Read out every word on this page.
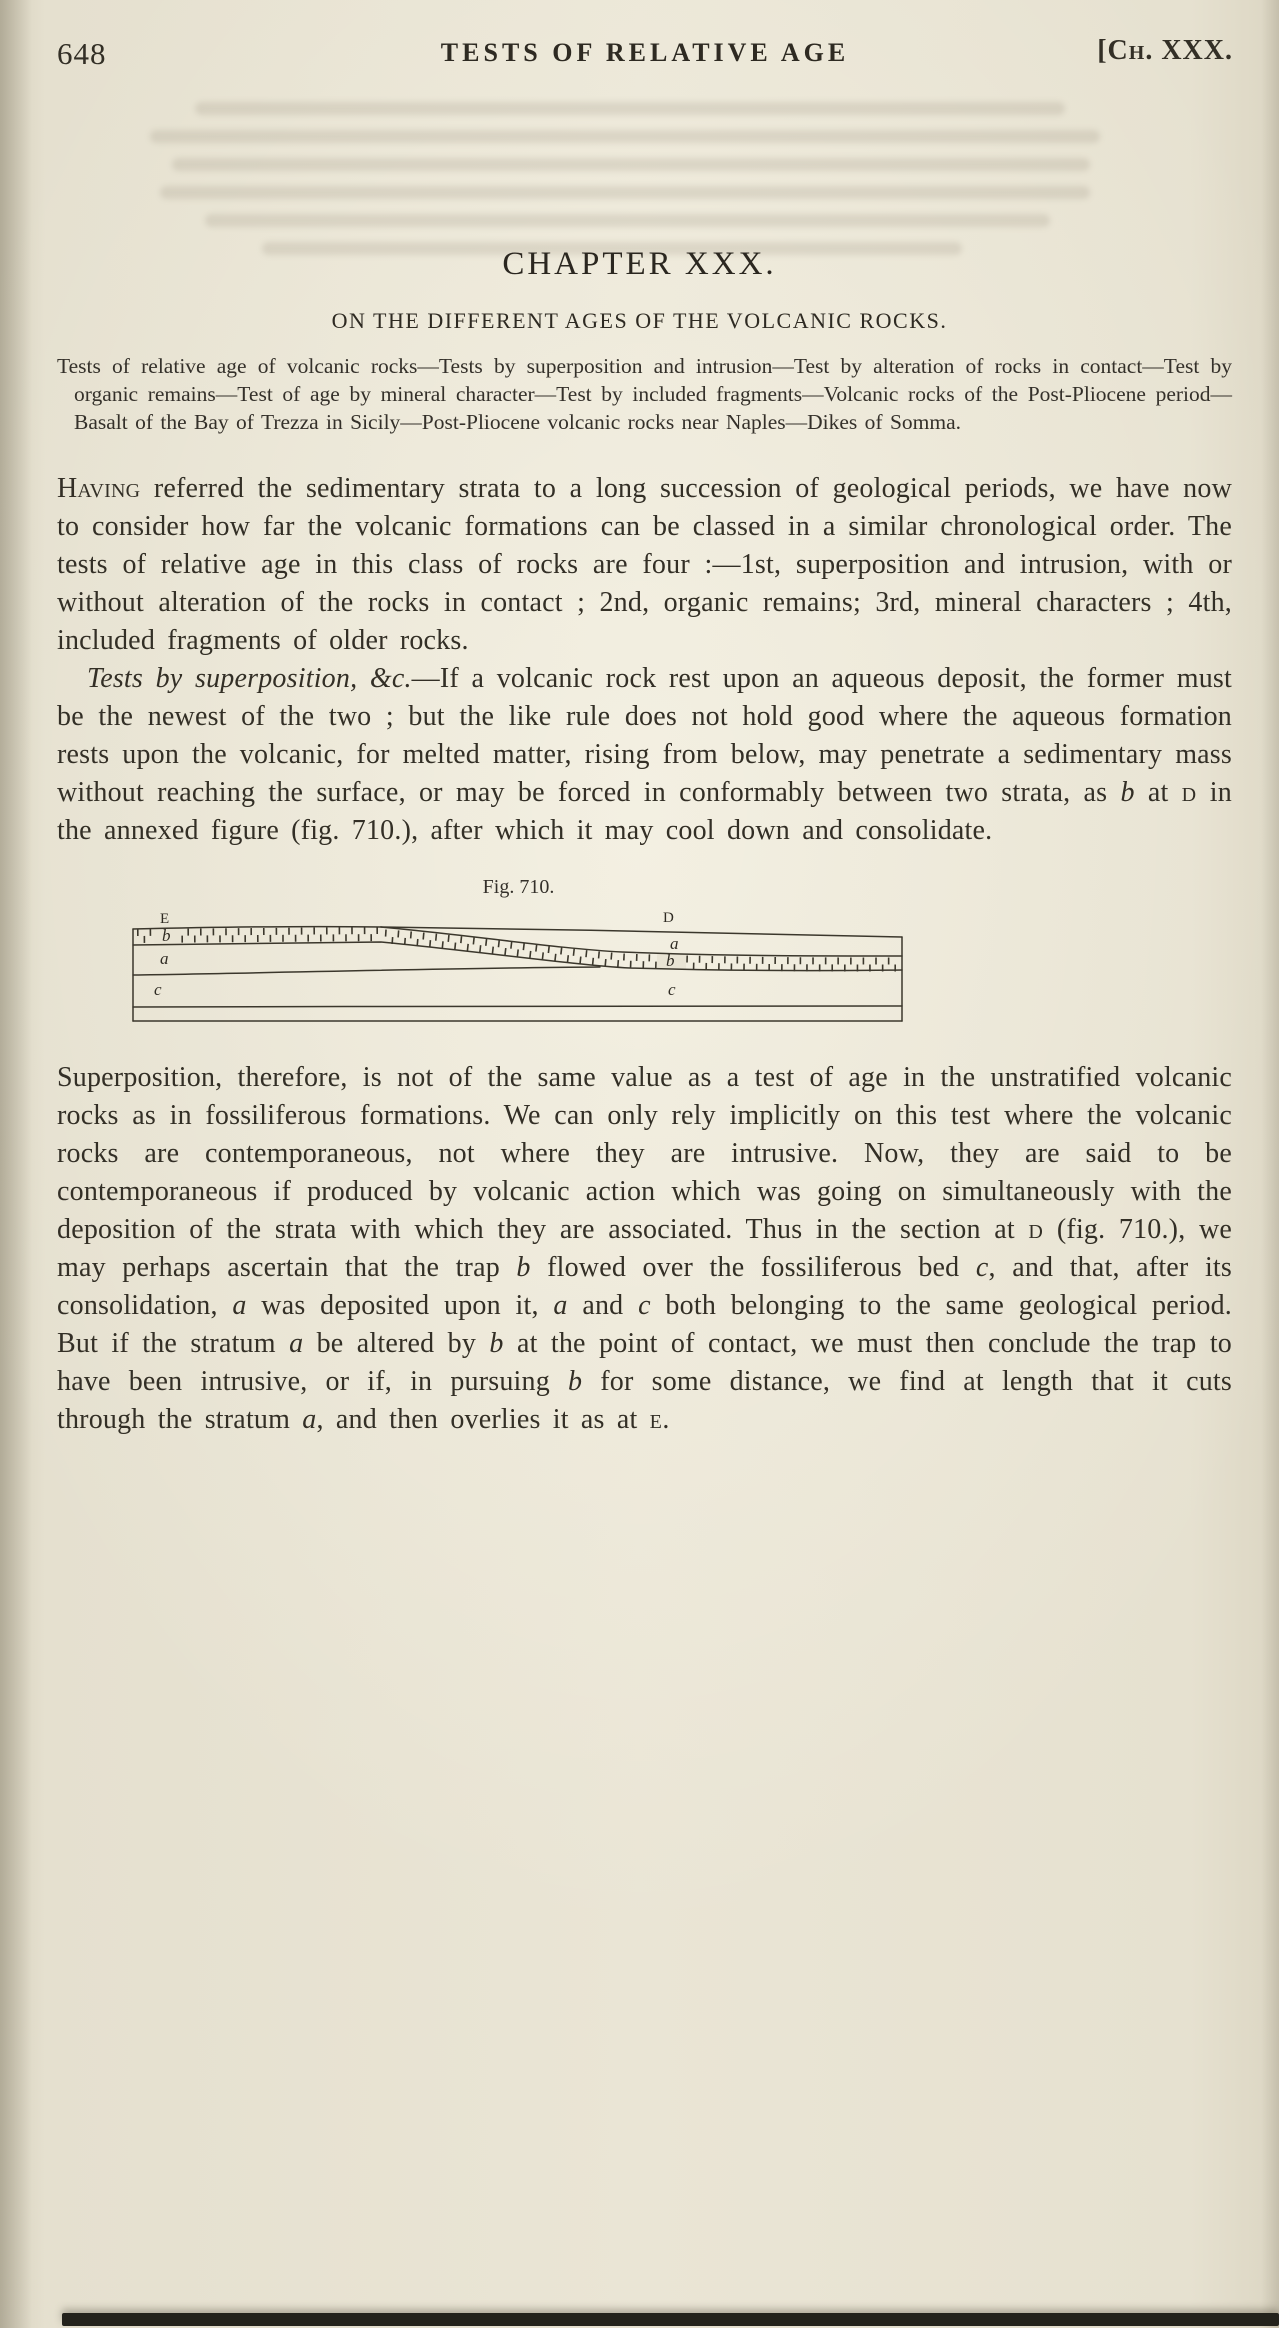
648	TESTS OF RELATIVE AGE	[Ch. XXX.
CHAPTER XXX.
ON THE DIFFERENT AGES OF THE VOLCANIC ROCKS.

Tests of relative age of volcanic rocks—Tests by superposition and intrusion—Test by alteration of rocks in contact—Test by organic remains—Test of age by mineral character—Test by included fragments—Volcanic rocks of the Post-Pliocene period—Basalt of the Bay of Trezza in Sicily—Post-Pliocene volcanic rocks near Naples—Dikes of Somma.

Having referred the sedimentary strata to a long succession of geological periods, we have now to consider how far the volcanic formations can be classed in a similar chronological order. The tests of relative age in this class of rocks are four :—1st, superposition and intrusion, with or without alteration of the rocks in contact ; 2nd, organic remains; 3rd, mineral characters ; 4th, included fragments of older rocks.

Tests by superposition, &c.—If a volcanic rock rest upon an aqueous deposit, the former must be the newest of the two ; but the like rule does not hold good where the aqueous formation rests upon the volcanic, for melted matter, rising from below, may penetrate a sedimentary mass without reaching the surface, or may be forced in conformably between two strata, as b at d in the annexed figure (fig. 710.), after which it may cool down and consolidate.

Fig. 710.
E	D
b
a
c
a
b
c

Superposition, therefore, is not of the same value as a test of age in the unstratified volcanic rocks as in fossiliferous formations. We can only rely implicitly on this test where the volcanic rocks are contemporaneous, not where they are intrusive. Now, they are said to be contemporaneous if produced by volcanic action which was going on simultaneously with the deposition of the strata with which they are associated. Thus in the section at d (fig. 710.), we may perhaps ascertain that the trap b flowed over the fossiliferous bed c, and that, after its consolidation, a was deposited upon it, a and c both belonging to the same geological period. But if the stratum a be altered by b at the point of contact, we must then conclude the trap to have been intrusive, or if, in pursuing b for some distance, we find at length that it cuts through the stratum a, and then overlies it as at e.
